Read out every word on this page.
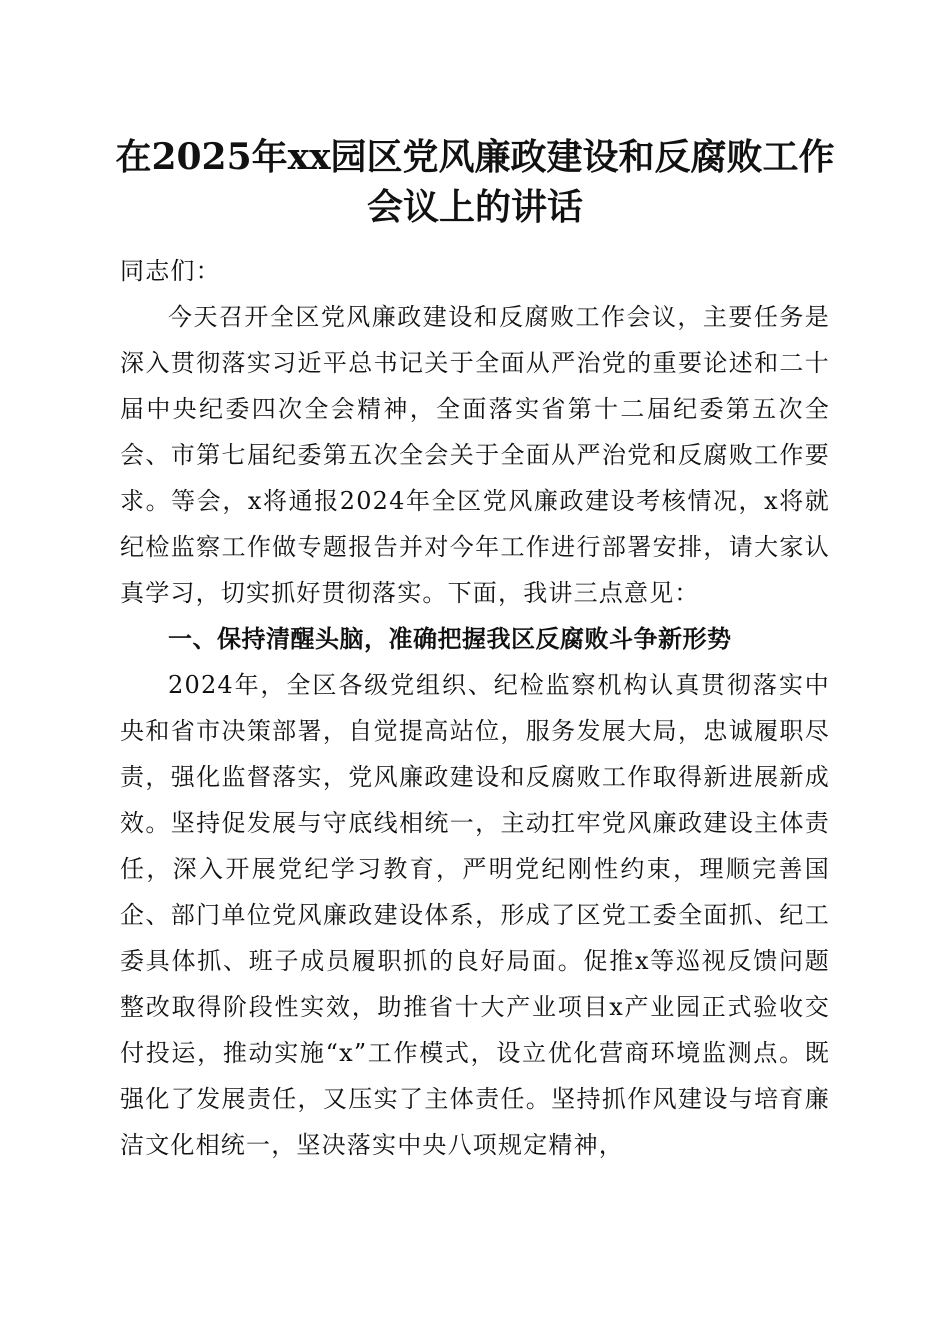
在2025年xx园区党风廉政建设和反腐败工作
会议上的讲话

同志们：

今天召开全区党风廉政建设和反腐败工作会议，主要任务是深入贯彻落实习近平总书记关于全面从严治党的重要论述和二十届中央纪委四次全会精神，全面落实省第十二届纪委第五次全会、市第七届纪委第五次全会关于全面从严治党和反腐败工作要求。等会，x将通报2024年全区党风廉政建设考核情况，x将就纪检监察工作做专题报告并对今年工作进行部署安排，请大家认真学习，切实抓好贯彻落实。下面，我讲三点意见：

一、保持清醒头脑，准确把握我区反腐败斗争新形势

2024年，全区各级党组织、纪检监察机构认真贯彻落实中央和省市决策部署，自觉提高站位，服务发展大局，忠诚履职尽责，强化监督落实，党风廉政建设和反腐败工作取得新进展新成效。坚持促发展与守底线相统一，主动扛牢党风廉政建设主体责任，深入开展党纪学习教育，严明党纪刚性约束，理顺完善国企、部门单位党风廉政建设体系，形成了区党工委全面抓、纪工委具体抓、班子成员履职抓的良好局面。促推x等巡视反馈问题整改取得阶段性实效，助推省十大产业项目x产业园正式验收交付投运，推动实施“x”工作模式，设立优化营商环境监测点。既强化了发展责任，又压实了主体责任。坚持抓作风建设与培育廉洁文化相统一，坚决落实中央八项规定精神，
